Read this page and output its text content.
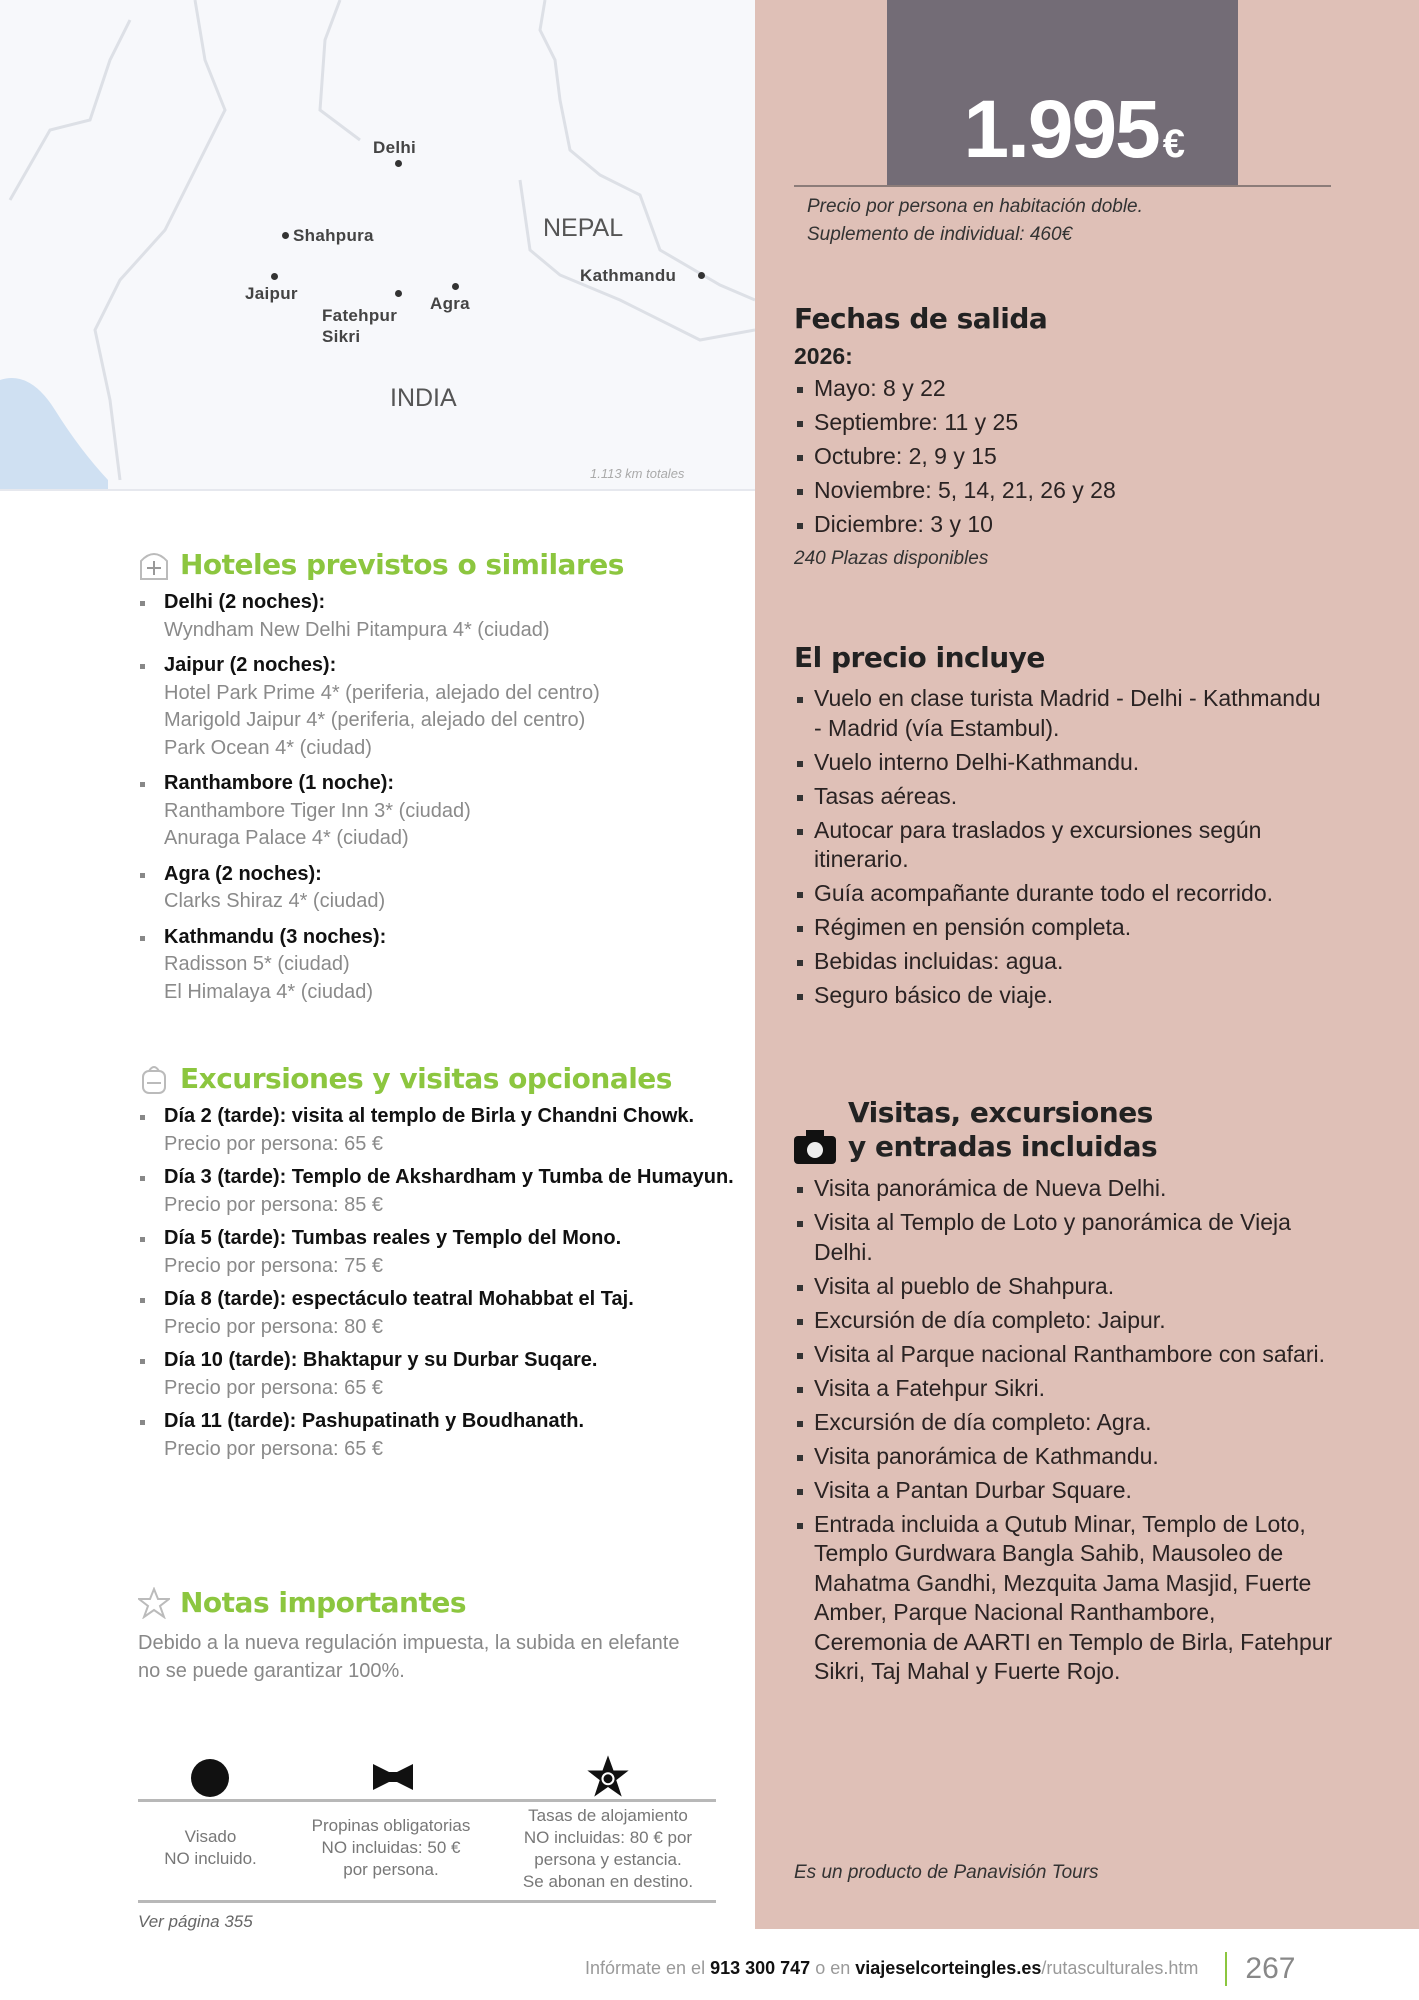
Delhi
Shahpura
Jaipur
Fatehpur Sikri
Agra
Kathmandu
NEPAL
INDIA
1.113 km totales
1.995 €
Precio por persona en habitación doble.
Suplemento de individual: 460€
Fechas de salida
2026:
Mayo: 8 y 22
Septiembre: 11 y 25
Octubre: 2, 9 y 15
Noviembre: 5, 14, 21, 26 y 28
Diciembre: 3 y 10
240 Plazas disponibles
El precio incluye
Vuelo en clase turista Madrid - Delhi - Kathmandu - Madrid (vía Estambul).
Vuelo interno Delhi-Kathmandu.
Tasas aéreas.
Autocar para traslados y excursiones según itinerario.
Guía acompañante durante todo el recorrido.
Régimen en pensión completa.
Bebidas incluidas: agua.
Seguro básico de viaje.
Visitas, excursiones
y entradas incluidas
Visita panorámica de Nueva Delhi.
Visita al Templo de Loto y panorámica de Vieja Delhi.
Visita al pueblo de Shahpura.
Excursión de día completo: Jaipur.
Visita al Parque nacional Ranthambore con safari.
Visita a Fatehpur Sikri.
Excursión de día completo: Agra.
Visita panorámica de Kathmandu.
Visita a Pantan Durbar Square.
Entrada incluida a Qutub Minar, Templo de Loto, Templo Gurdwara Bangla Sahib, Mausoleo de Mahatma Gandhi, Mezquita Jama Masjid, Fuerte Amber, Parque Nacional Ranthambore, Ceremonia de AARTI en Templo de Birla, Fatehpur Sikri, Taj Mahal y Fuerte Rojo.
Es un producto de Panavisión Tours
Hoteles previstos o similares
Delhi (2 noches):
Wyndham New Delhi Pitampura 4* (ciudad)
Jaipur (2 noches):
Hotel Park Prime 4* (periferia, alejado del centro)
Marigold Jaipur 4* (periferia, alejado del centro)
Park Ocean 4* (ciudad)
Ranthambore (1 noche):
Ranthambore Tiger Inn 3* (ciudad)
Anuraga Palace 4* (ciudad)
Agra (2 noches):
Clarks Shiraz 4* (ciudad)
Kathmandu (3 noches):
Radisson 5* (ciudad)
El Himalaya 4* (ciudad)
Excursiones y visitas opcionales
Día 2 (tarde): visita al templo de Birla y Chandni Chowk.
Precio por persona: 65 €
Día 3 (tarde): Templo de Akshardham y Tumba de Humayun.
Precio por persona: 85 €
Día 5 (tarde): Tumbas reales y Templo del Mono.
Precio por persona: 75 €
Día 8 (tarde): espectáculo teatral Mohabbat el Taj.
Precio por persona: 80 €
Día 10 (tarde): Bhaktapur y su Durbar Suqare.
Precio por persona: 65 €
Día 11 (tarde): Pashupatinath y Boudhanath.
Precio por persona: 65 €
Notas importantes
Debido a la nueva regulación impuesta, la subida en elefante no se puede garantizar 100%.
Visado
NO incluido.
Propinas obligatorias
NO incluidas: 50 €
por persona.
Tasas de alojamiento
NO incluidas: 80 € por
persona y estancia.
Se abonan en destino.
Ver página 355
Infórmate en el 913 300 747 o en viajeselcorteingles.es/rutasculturales.htm 267
